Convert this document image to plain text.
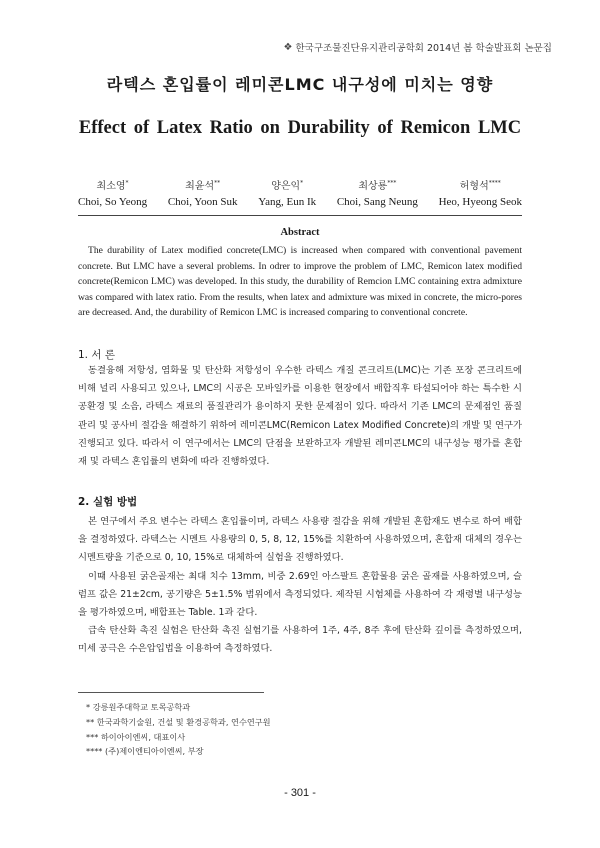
❖ 한국구조물진단유지관리공학회 2014년 봄 학술발표회 논문집
라텍스 혼입률이 레미콘LMC 내구성에 미치는 영향
Effect of Latex Ratio on Durability of Remicon LMC
최소영*
Choi, So Yeong
최윤석**
Choi, Yoon Suk
양은익*
Yang, Eun Ik
최상룡***
Choi, Sang Neung
허형석****
Heo, Hyeong Seok
Abstract
The durability of Latex modified concrete(LMC) is increased when compared with conventional pavement concrete. But LMC have a several problems. In odrer to improve the problem of LMC, Remicon latex modified concrete(Remicon LMC) was developed. In this study, the durability of Remcion LMC containing extra admixture was compared with latex ratio. From the results, when latex and admixture was mixed in concrete, the micro-pores are decreased. And, the durability of Remicon LMC is increased comparing to conventional concrete.
1. 서 론

동결융해 저항성, 염화물 및 탄산화 저항성이 우수한 라텍스 개질 콘크리트(LMC)는 기존 포장 콘크리트에 비해 널리 사용되고 있으나, LMC의 시공은 모바일카를 이용한 현장에서 배합직후 타설되어야 하는 특수한 시공환경 및 소음, 라텍스 재료의 품질관리가 용이하지 못한 문제점이 있다. 따라서 기존 LMC의 문제점인 품질관리 및 공사비 절감을 해결하기 위하여 레미콘LMC(Remicon Latex Modified Concrete)의 개발 및 연구가 진행되고 있다. 따라서 이 연구에서는 LMC의 단점을 보완하고자 개발된 레미콘LMC의 내구성능 평가를 혼합재 및 라텍스 혼입률의 변화에 따라 진행하였다.

2. 실험 방법

본 연구에서 주요 변수는 라텍스 혼입률이며, 라텍스 사용량 절감을 위해 개발된 혼합재도 변수로 하여 배합을 결정하였다. 라텍스는 시멘트 사용량의 0, 5, 8, 12, 15%를 치환하여 사용하였으며, 혼합재 대체의 경우는 시멘트량을 기준으로 0, 10, 15%로 대체하여 실험을 진행하였다.

이때 사용된 굵은골재는 최대 치수 13mm, 비중 2.69인 아스팔트 혼합물용 굵은 골재를 사용하였으며, 슬럼프 값은 21±2cm, 공기량은 5±1.5% 범위에서 측정되었다. 제작된 시험체를 사용하여 각 재령별 내구성능을 평가하였으며, 배합표는 Table. 1과 같다.

급속 탄산화 촉진 실험은 탄산화 촉진 실험기를 사용하여 1주, 4주, 8주 후에 탄산화 깊이를 측정하였으며, 미세 공극은 수은압입법을 이용하여 측정하였다.

* 강릉원주대학교 토목공학과
** 한국과학기술원, 건설 및 환경공학과, 연수연구원
*** 하이아이엔씨, 대표이사
**** (주)제이엔티아이엔씨, 부장
- 301 -
